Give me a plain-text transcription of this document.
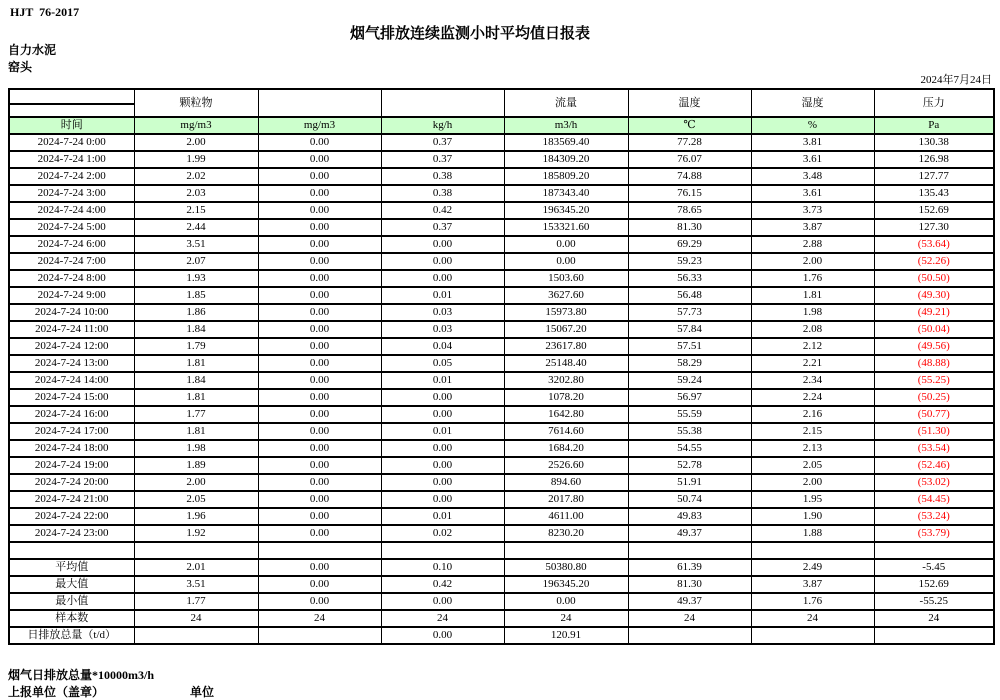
HJT  76-2017
烟气排放连续监测小时平均值日报表
自力水泥
窑头
2024年7月24日
	颗粒物			流量	温度	湿度	压力

时间	mg/m3	mg/m3	kg/h	m3/h	℃	%	Pa
2024-7-24 0:00	2.00	0.00	0.37	183569.40	77.28	3.81	130.38
2024-7-24 1:00	1.99	0.00	0.37	184309.20	76.07	3.61	126.98
2024-7-24 2:00	2.02	0.00	0.38	185809.20	74.88	3.48	127.77
2024-7-24 3:00	2.03	0.00	0.38	187343.40	76.15	3.61	135.43
2024-7-24 4:00	2.15	0.00	0.42	196345.20	78.65	3.73	152.69
2024-7-24 5:00	2.44	0.00	0.37	153321.60	81.30	3.87	127.30
2024-7-24 6:00	3.51	0.00	0.00	0.00	69.29	2.88	(53.64)
2024-7-24 7:00	2.07	0.00	0.00	0.00	59.23	2.00	(52.26)
2024-7-24 8:00	1.93	0.00	0.00	1503.60	56.33	1.76	(50.50)
2024-7-24 9:00	1.85	0.00	0.01	3627.60	56.48	1.81	(49.30)
2024-7-24 10:00	1.86	0.00	0.03	15973.80	57.73	1.98	(49.21)
2024-7-24 11:00	1.84	0.00	0.03	15067.20	57.84	2.08	(50.04)
2024-7-24 12:00	1.79	0.00	0.04	23617.80	57.51	2.12	(49.56)
2024-7-24 13:00	1.81	0.00	0.05	25148.40	58.29	2.21	(48.88)
2024-7-24 14:00	1.84	0.00	0.01	3202.80	59.24	2.34	(55.25)
2024-7-24 15:00	1.81	0.00	0.00	1078.20	56.97	2.24	(50.25)
2024-7-24 16:00	1.77	0.00	0.00	1642.80	55.59	2.16	(50.77)
2024-7-24 17:00	1.81	0.00	0.01	7614.60	55.38	2.15	(51.30)
2024-7-24 18:00	1.98	0.00	0.00	1684.20	54.55	2.13	(53.54)
2024-7-24 19:00	1.89	0.00	0.00	2526.60	52.78	2.05	(52.46)
2024-7-24 20:00	2.00	0.00	0.00	894.60	51.91	2.00	(53.02)
2024-7-24 21:00	2.05	0.00	0.00	2017.80	50.74	1.95	(54.45)
2024-7-24 22:00	1.96	0.00	0.01	4611.00	49.83	1.90	(53.24)
2024-7-24 23:00	1.92	0.00	0.02	8230.20	49.37	1.88	(53.79)

平均值	2.01	0.00	0.10	50380.80	61.39	2.49	-5.45
最大值	3.51	0.00	0.42	196345.20	81.30	3.87	152.69
最小值	1.77	0.00	0.00	0.00	49.37	1.76	-55.25
样本数	24	24	24	24	24	24	24
日排放总量（t/d）			0.00	120.91			
烟气日排放总量*10000m3/h
上报单位（盖章）	单位
